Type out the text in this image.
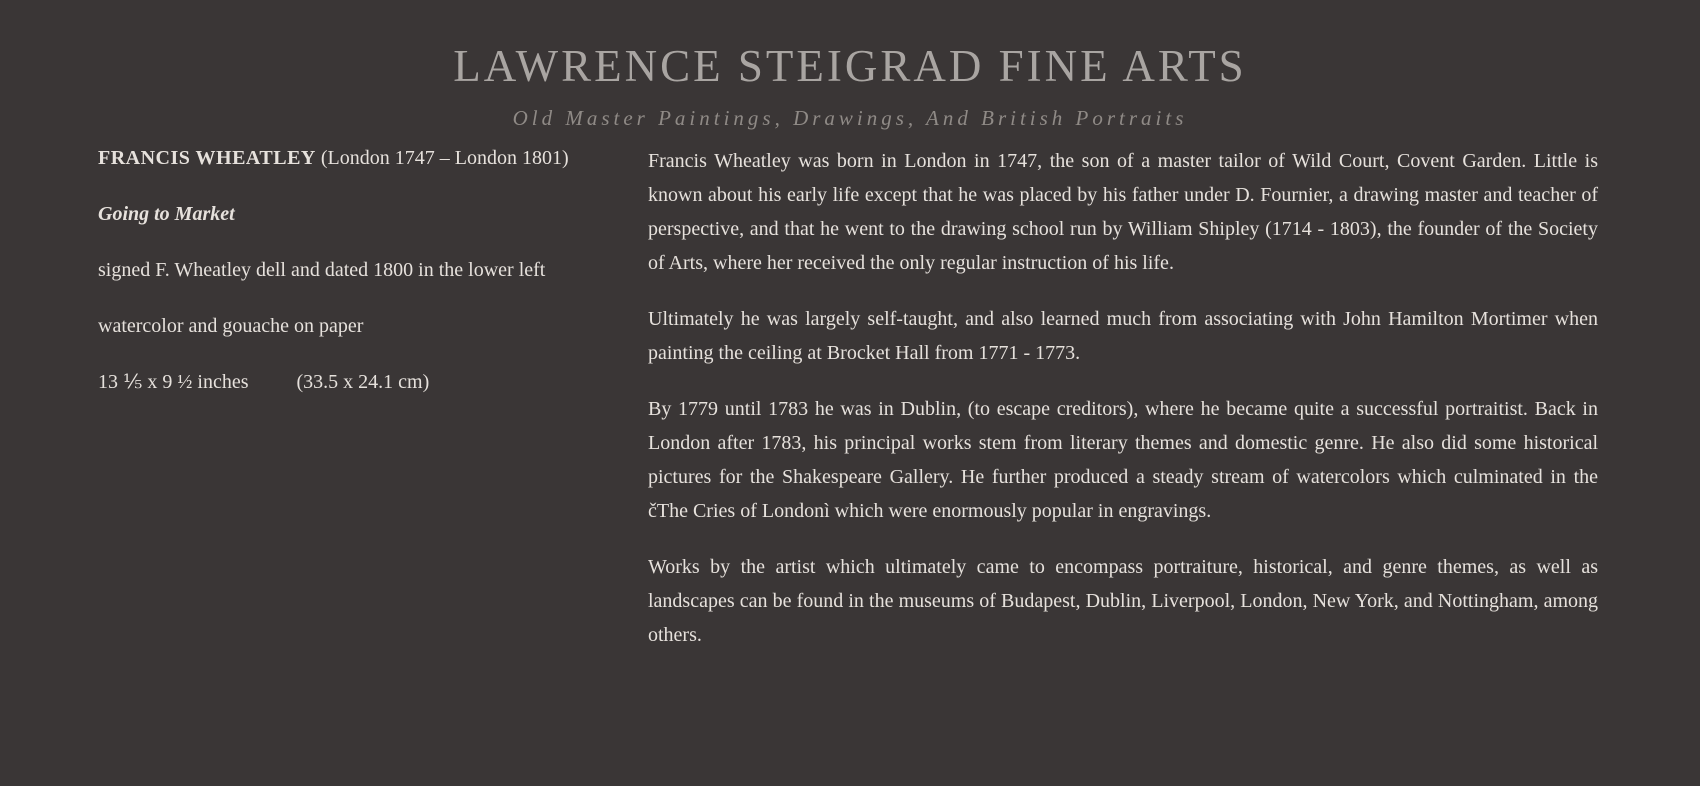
LAWRENCE STEIGRAD FINE ARTS
Old Master Paintings, Drawings, And British Portraits

FRANCIS WHEATLEY (London 1747 – London 1801)

Going to Market

signed F. Wheatley dell and dated 1800 in the lower left

watercolor and gouache on paper

13 ⅕ x 9 ½ inches (33.5 x 24.1 cm)

Francis Wheatley was born in London in 1747, the son of a master tailor of Wild Court, Covent Garden. Little is known about his early life except that he was placed by his father under D. Fournier, a drawing master and teacher of perspective, and that he went to the drawing school run by William Shipley (1714 - 1803), the founder of the Society of Arts, where her received the only regular instruction of his life.

Ultimately he was largely self-taught, and also learned much from associating with John Hamilton Mortimer when painting the ceiling at Brocket Hall from 1771 - 1773.

By 1779 until 1783 he was in Dublin, (to escape creditors), where he became quite a successful portraitist. Back in London after 1783, his principal works stem from literary themes and domestic genre. He also did some historical pictures for the Shakespeare Gallery. He further produced a steady stream of watercolors which culminated in the čThe Cries of Londonì which were enormously popular in engravings.

Works by the artist which ultimately came to encompass portraiture, historical, and genre themes, as well as landscapes can be found in the museums of Budapest, Dublin, Liverpool, London, New York, and Nottingham, among others.
